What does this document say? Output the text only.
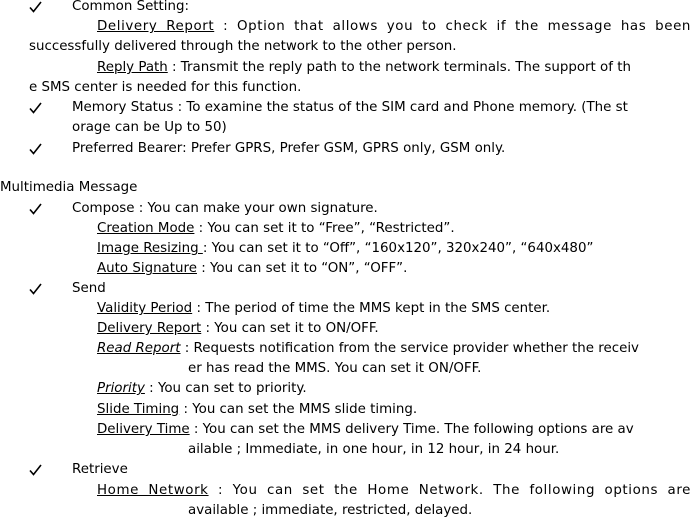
Common Setting:
Delivery Report : Option that allows you to check if the message has been
successfully delivered through the network to the other person.
Reply Path : Transmit the reply path to the network terminals. The support of th
e SMS center is needed for this function.
Memory Status : To examine the status of the SIM card and Phone memory. (The st
orage can be Up to 50)
Preferred Bearer: Prefer GPRS, Prefer GSM, GPRS only, GSM only.
Multimedia Message
Compose : You can make your own signature.
Creation Mode : You can set it to “Free”, “Restricted”.
Image Resizing : You can set it to “Off”, “160x120”, 320x240”, “640x480”
Auto Signature : You can set it to “ON”, “OFF”.
Send
Validity Period : The period of time the MMS kept in the SMS center.
Delivery Report : You can set it to ON/OFF.
Read Report : Requests notification from the service provider whether the receiv
er has read the MMS. You can set it ON/OFF.
Priority : You can set to priority.
Slide Timing : You can set the MMS slide timing.
Delivery Time : You can set the MMS delivery Time. The following options are av
ailable ; Immediate, in one hour, in 12 hour, in 24 hour.
Retrieve
Home Network : You can set the Home Network. The following options are
available ; immediate, restricted, delayed.
